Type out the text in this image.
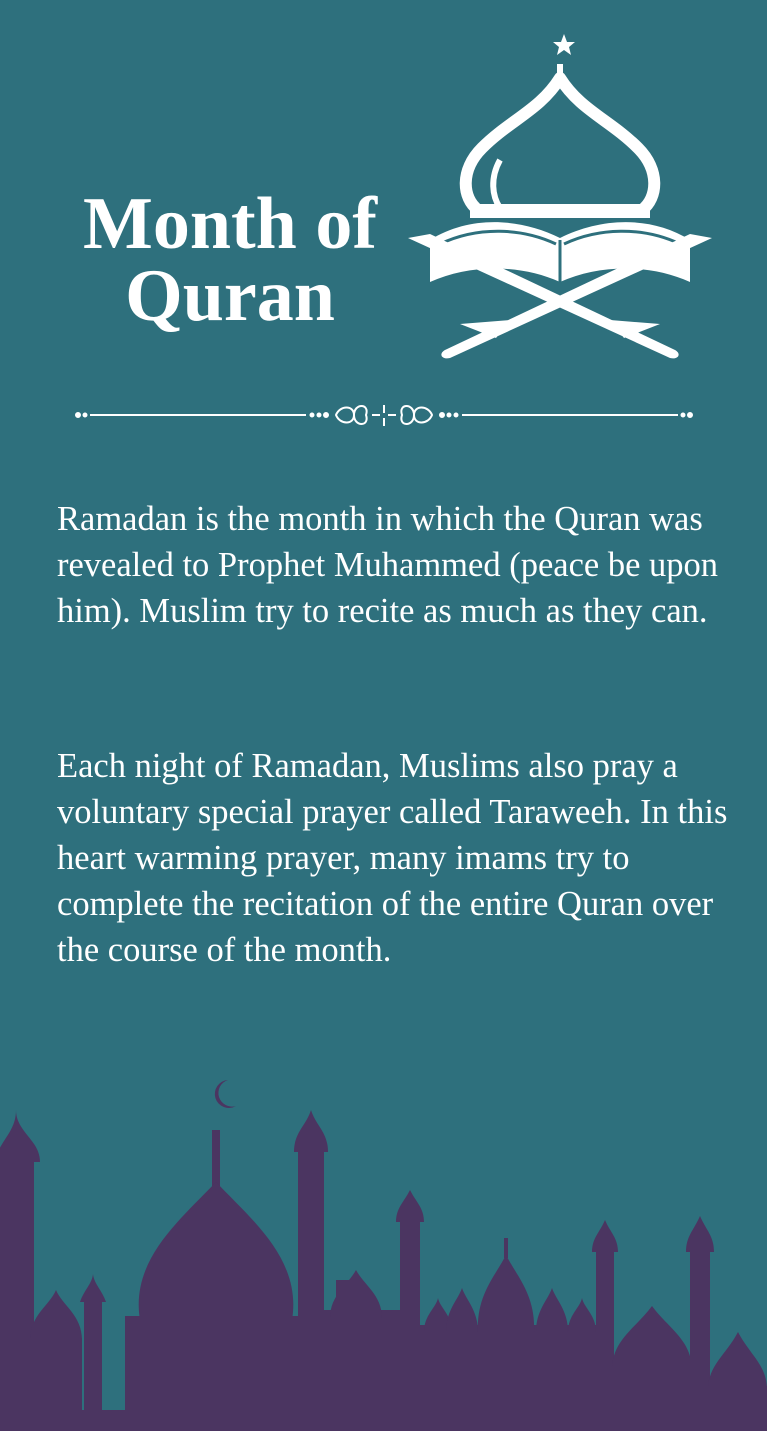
Month of
Quran

Ramadan is the month in which the Quran was revealed to Prophet Muhammed (peace be upon him). Muslim try to recite as much as they can.

Each night of Ramadan, Muslims also pray a voluntary special prayer called Taraweeh. In this heart warming prayer, many imams try to complete the recitation of the entire Quran over the course of the month.
